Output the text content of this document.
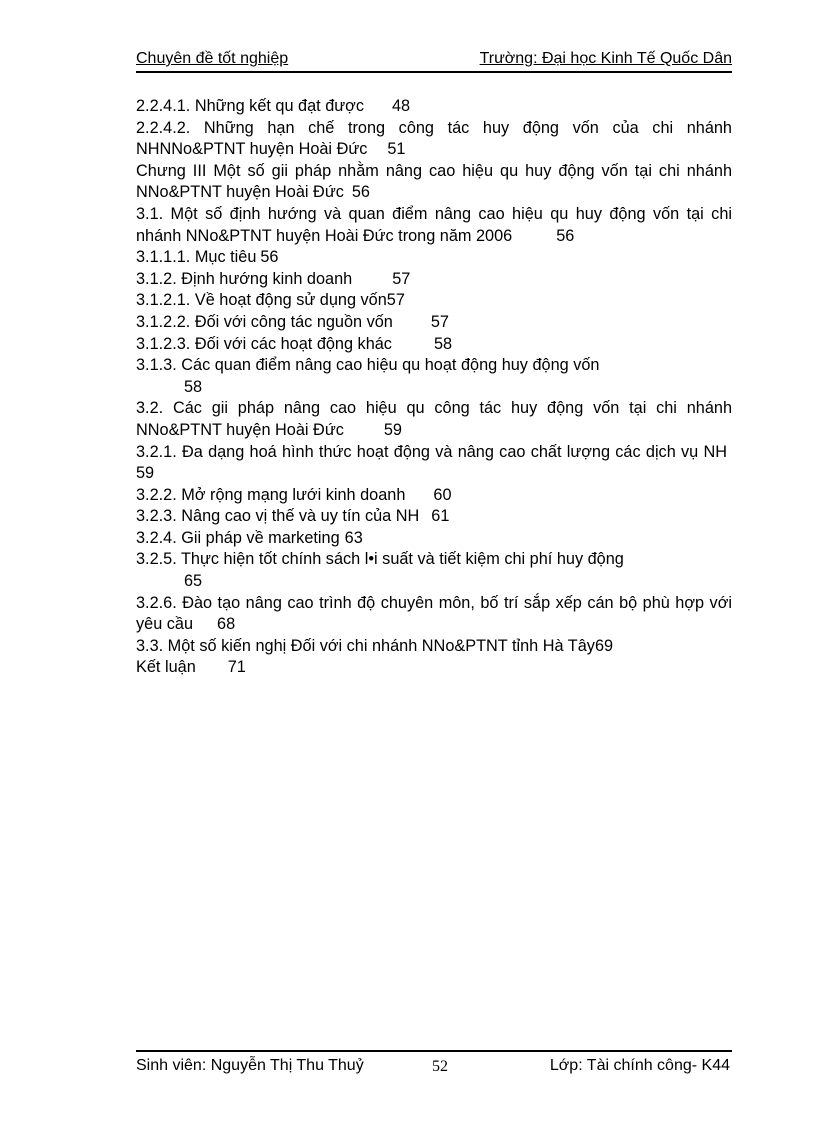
Chuyên đề tốt nghiệp	Trường: Đại học Kinh Tế Quốc Dân
2.2.4.1. Những kết qu đạt được 48
2.2.4.2. Những hạn chế trong công tác huy động vốn của chi nhánh NHNNo&PTNT huyện Hoài Đức 51
Chưng III Một số gii pháp nhằm nâng cao hiệu qu huy động vốn tại chi nhánh NNo&PTNT huyện Hoài Đức 56
3.1. Một số định hướng và quan điểm nâng cao hiệu qu huy động vốn tại chi nhánh NNo&PTNT huyện Hoài Đức trong năm 2006	56
3.1.1.1. Mục tiêu 56
3.1.2. Định hướng kinh doanh 57
3.1.2.1. Về hoạt động sử dụng vốn57
3.1.2.2. Đối với công tác nguồn vốn 57
3.1.2.3. Đối với các hoạt động khác	58
3.1.3. Các quan điểm nâng cao hiệu qu hoạt động huy động vốn
58
3.2. Các gii pháp nâng cao hiệu qu công tác huy động vốn tại chi nhánh NNo&PTNT huyện Hoài Đức 59
3.2.1. Đa dạng hoá hình thức hoạt động và nâng cao chất lượng các dịch vụ NH59
3.2.2. Mở rộng mạng lưới kinh doanh 60
3.2.3. Nâng cao vị thế và uy tín của NH 61
3.2.4. Gii pháp về marketing 63
3.2.5. Thực hiện tốt chính sách l•i suất và tiết kiệm chi phí huy động
65
3.2.6. Đào tạo nâng cao trình độ chuyên môn, bố trí sắp xếp cán bộ phù hợp với yêu cầu 68
3.3. Một số kiến nghị Đối với chi nhánh NNo&PTNT tỉnh Hà Tây69
Kết luận 71
Sinh viên: Nguyễn Thị Thu Thuỷ	52	Lớp: Tài chính công- K44
